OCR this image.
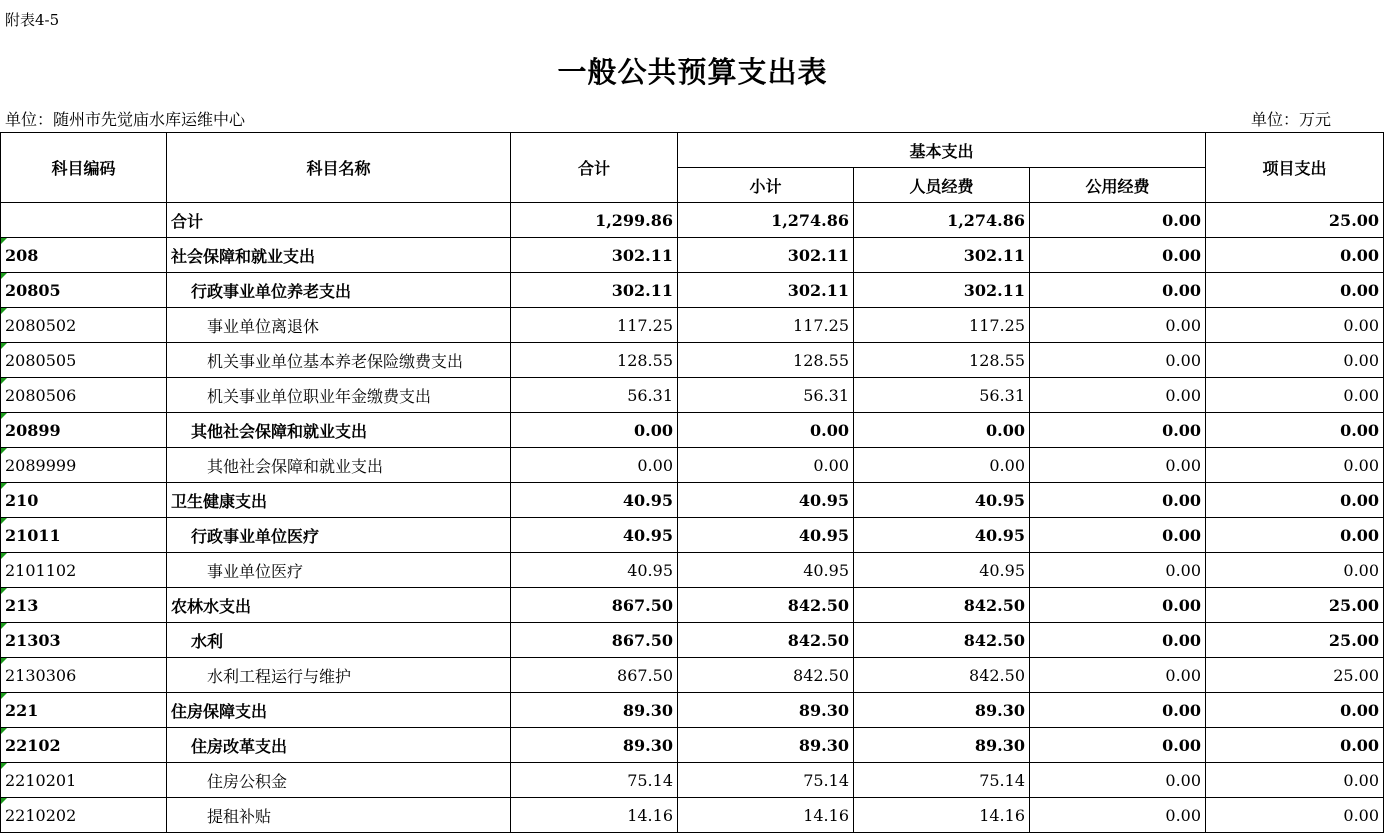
附表4-5
一般公共预算支出表
单位：随州市先觉庙水库运维中心	单位：万元
科目编码	科目名称	合计	基本支出			项目支出
			小计	人员经费	公用经费	
	合计	1,299.86	1,274.86	1,274.86	0.00	25.00

208	社会保障和就业支出	302.11	302.11	302.11	0.00	0.00

20805	行政事业单位养老支出	302.11	302.11	302.11	0.00	0.00

2080502	事业单位离退休	117.25	117.25	117.25	0.00	0.00

2080505	机关事业单位基本养老保险缴费支出	128.55	128.55	128.55	0.00	0.00

2080506	机关事业单位职业年金缴费支出	56.31	56.31	56.31	0.00	0.00

20899	其他社会保障和就业支出	0.00	0.00	0.00	0.00	0.00

2089999	其他社会保障和就业支出	0.00	0.00	0.00	0.00	0.00

210	卫生健康支出	40.95	40.95	40.95	0.00	0.00

21011	行政事业单位医疗	40.95	40.95	40.95	0.00	0.00

2101102	事业单位医疗	40.95	40.95	40.95	0.00	0.00

213	农林水支出	867.50	842.50	842.50	0.00	25.00

21303	水利	867.50	842.50	842.50	0.00	25.00

2130306	水利工程运行与维护	867.50	842.50	842.50	0.00	25.00

221	住房保障支出	89.30	89.30	89.30	0.00	0.00

22102	住房改革支出	89.30	89.30	89.30	0.00	0.00

2210201	住房公积金	75.14	75.14	75.14	0.00	0.00

2210202	提租补贴	14.16	14.16	14.16	0.00	0.00
